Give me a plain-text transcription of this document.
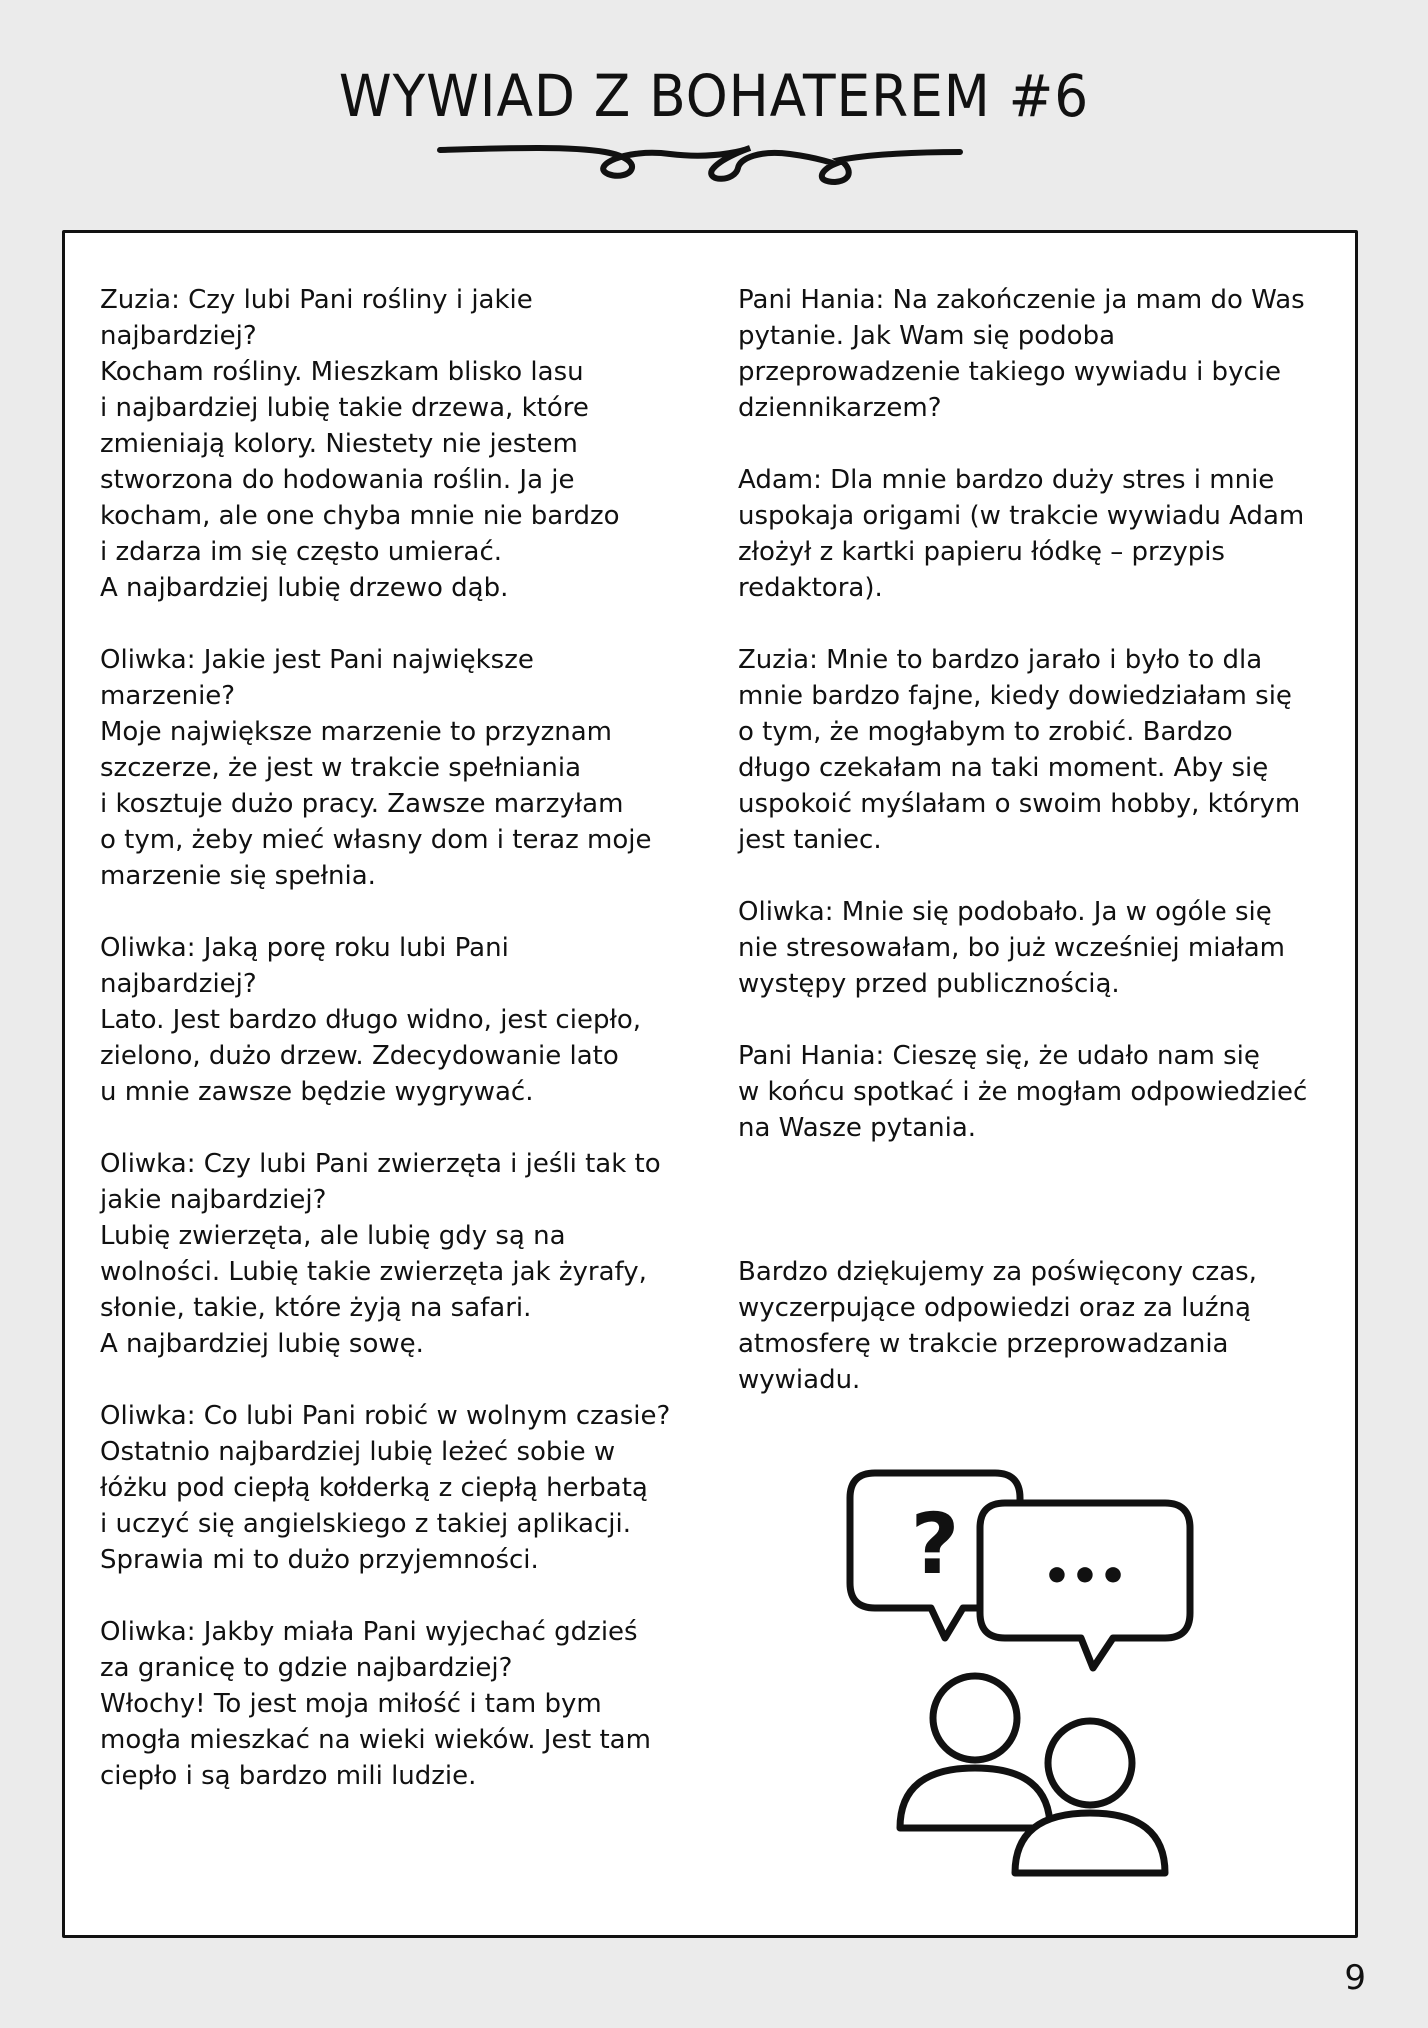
WYWIAD Z BOHATEREM #6

Zuzia: Czy lubi Pani rośliny i jakie
najbardziej?
Kocham rośliny. Mieszkam blisko lasu
i najbardziej lubię takie drzewa, które
zmieniają kolory. Niestety nie jestem
stworzona do hodowania roślin. Ja je
kocham, ale one chyba mnie nie bardzo
i zdarza im się często umierać.
A najbardziej lubię drzewo dąb.

Oliwka: Jakie jest Pani największe
marzenie?
Moje największe marzenie to przyznam
szczerze, że jest w trakcie spełniania
i kosztuje dużo pracy. Zawsze marzyłam
o tym, żeby mieć własny dom i teraz moje
marzenie się spełnia.

Oliwka: Jaką porę roku lubi Pani
najbardziej?
Lato. Jest bardzo długo widno, jest ciepło,
zielono, dużo drzew. Zdecydowanie lato
u mnie zawsze będzie wygrywać.

Oliwka: Czy lubi Pani zwierzęta i jeśli tak to
jakie najbardziej?
Lubię zwierzęta, ale lubię gdy są na
wolności. Lubię takie zwierzęta jak żyrafy,
słonie, takie, które żyją na safari.
A najbardziej lubię sowę.

Oliwka: Co lubi Pani robić w wolnym czasie?
Ostatnio najbardziej lubię leżeć sobie w
łóżku pod ciepłą kołderką z ciepłą herbatą
i uczyć się angielskiego z takiej aplikacji.
Sprawia mi to dużo przyjemności.

Oliwka: Jakby miała Pani wyjechać gdzieś
za granicę to gdzie najbardziej?
Włochy! To jest moja miłość i tam bym
mogła mieszkać na wieki wieków. Jest tam
ciepło i są bardzo mili ludzie.

Pani Hania: Na zakończenie ja mam do Was
pytanie. Jak Wam się podoba
przeprowadzenie takiego wywiadu i bycie
dziennikarzem?

Adam: Dla mnie bardzo duży stres i mnie
uspokaja origami (w trakcie wywiadu Adam
złożył z kartki papieru łódkę – przypis
redaktora).

Zuzia: Mnie to bardzo jarało i było to dla
mnie bardzo fajne, kiedy dowiedziałam się
o tym, że mogłabym to zrobić. Bardzo
długo czekałam na taki moment. Aby się
uspokoić myślałam o swoim hobby, którym
jest taniec.

Oliwka: Mnie się podobało. Ja w ogóle się
nie stresowałam, bo już wcześniej miałam
występy przed publicznością.

Pani Hania: Cieszę się, że udało nam się
w końcu spotkać i że mogłam odpowiedzieć
na Wasze pytania.

Bardzo dziękujemy za poświęcony czas,
wyczerpujące odpowiedzi oraz za luźną
atmosferę w trakcie przeprowadzania
wywiadu.

? •••
9
